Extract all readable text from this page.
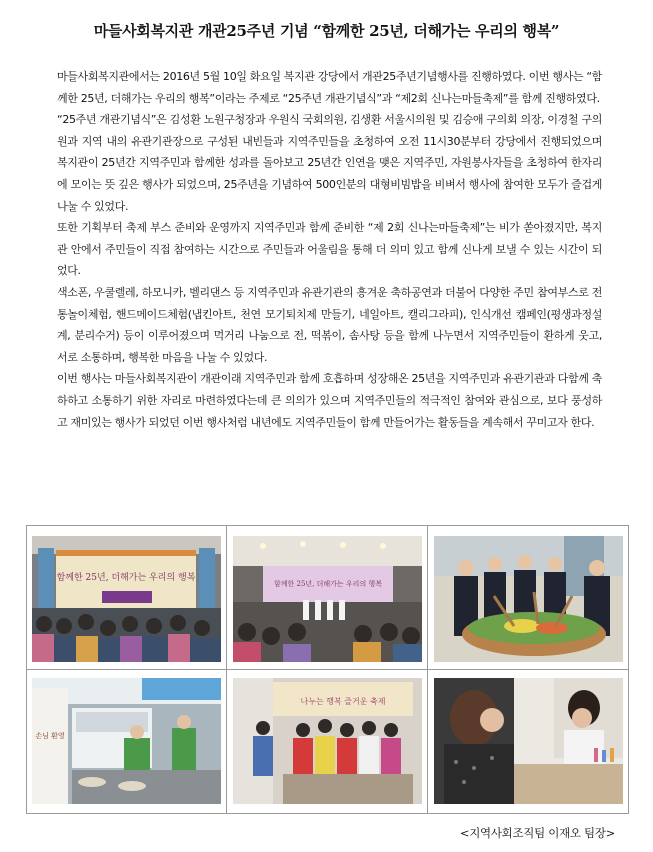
마들사회복지관 개관25주년 기념 “함께한 25년, 더해가는 우리의 행복”

마들사회복지관에서는 2016년 5월 10일 화요일 복지관 강당에서 개관25주년기념행사를 진행하였다. 이번 행사는 “함께한 25년, 더해가는 우리의 행복”이라는 주제로 “25주년 개관기념식”과 “제2회 신나는마들축제”를 함께 진행하였다.

“25주년 개관기념식”은 김성환 노원구청장과 우원식 국회의원, 김생환 서울시의원 및 김승애 구의회 의장, 이경철 구의원과 지역 내의 유관기관장으로 구성된 내빈들과 지역주민들을 초청하여 오전 11시30분부터 강당에서 진행되었으며 복지관이 25년간 지역주민과 함께한 성과를 돌아보고 25년간 인연을 맺은 지역주민, 자원봉사자들을 초청하여 한자리에 모이는 뜻 깊은 행사가 되었으며, 25주년을 기념하여 500인분의 대형비빔밥을 비벼서 행사에 참여한 모두가 즐겁게 나눌 수 있었다.

또한 기획부터 축제 부스 준비와 운영까지 지역주민과 함께 준비한 “제 2회 신나는마들축제”는 비가 쏟아졌지만, 복지관 안에서 주민들이 직접 참여하는 시간으로 주민들과 어울림을 통해 더 의미 있고 함께 신나게 보낼 수 있는 시간이 되었다.

색소폰, 우쿨렐레, 하모니카, 벨리댄스 등 지역주민과 유관기관의 흥겨운 축하공연과 더불어 다양한 주민 참여부스로 전통놀이체험, 핸드메이드체험(냅킨아트, 천연 모기퇴치제 만들기, 네일아트, 캘리그라피), 인식개선 캠페인(평생과정설계, 분리수거) 등이 이루어졌으며 먹거리 나눔으로 전, 떡볶이, 솜사탕 등을 함께 나누면서 지역주민들이 환하게 웃고, 서로 소통하며, 행복한 마음을 나눌 수 있었다.

이번 행사는 마들사회복지관이 개관이래 지역주민과 함께 호흡하며 성장해온 25년을 지역주민과 유관기관과 다함께 축하하고 소통하기 위한 자리로 마련하였다는데 큰 의의가 있으며 지역주민들의 적극적인 참여와 관심으로, 보다 풍성하고 재미있는 행사가 되었던 이번 행사처럼 내년에도 지역주민들이 함께 만들어가는 활동들을 계속해서 꾸미고자 한다.

함께한 25년, 더해가는 우리의 행복
함께한 25년, 더해가는 우리의 행복
손님 환영
나누는 행복 즐거운 축제
<지역사회조직팀 이재오 팀장>
